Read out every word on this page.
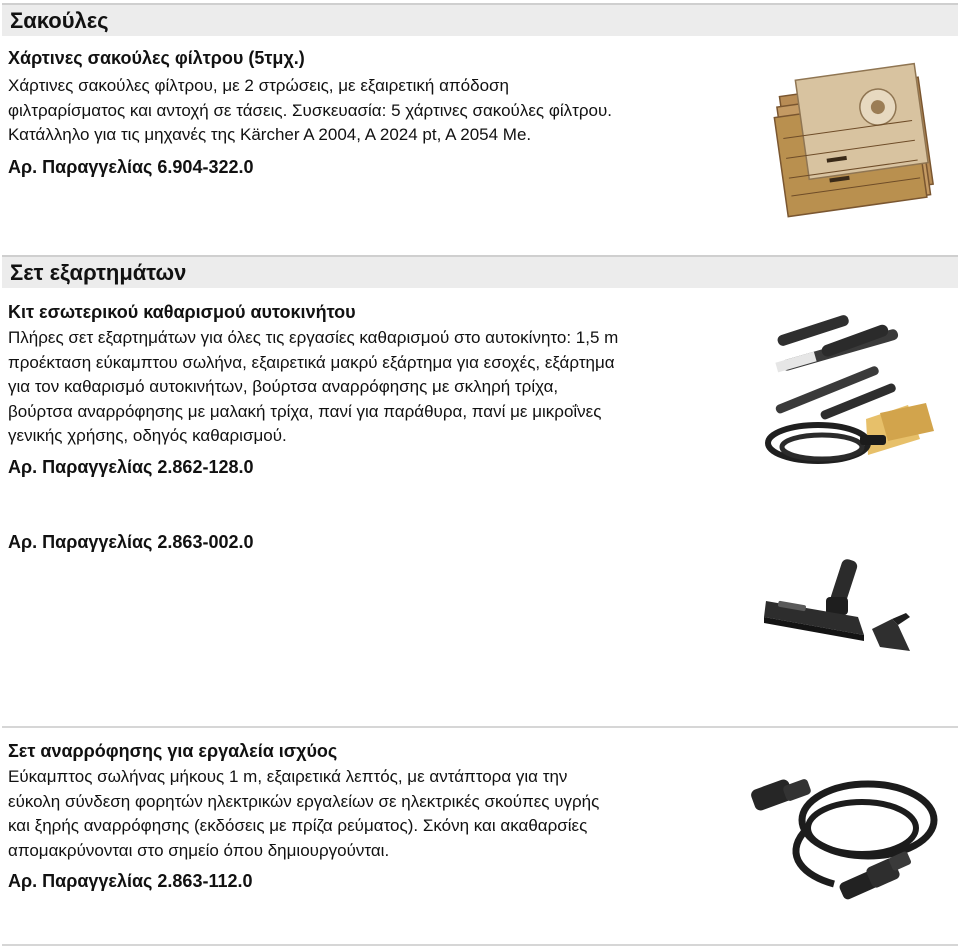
Σακούλες
Χάρτινες σακούλες φίλτρου (5τμχ.)
Χάρτινες σακούλες φίλτρου, με 2 στρώσεις, με εξαιρετική απόδοση
φιλτραρίσματος και αντοχή σε τάσεις. Συσκευασία: 5 χάρτινες σακούλες φίλτρου.
Κατάλληλο για τις μηχανές της Kärcher A 2004, A 2024 pt, A 2054 Me.
Αρ. Παραγγελίας 6.904-322.0
Σετ εξαρτημάτων
Κιτ εσωτερικού καθαρισμού αυτοκινήτου
Πλήρες σετ εξαρτημάτων για όλες τις εργασίες καθαρισμού στο αυτοκίνητο: 1,5 m
προέκταση εύκαμπτου σωλήνα, εξαιρετικά μακρύ εξάρτημα για εσοχές, εξάρτημα
για τον καθαρισμό αυτοκινήτων, βούρτσα αναρρόφησης με σκληρή τρίχα,
βούρτσα αναρρόφησης με μαλακή τρίχα, πανί για παράθυρα, πανί με μικροΐνες
γενικής χρήσης, οδηγός καθαρισμού.
Αρ. Παραγγελίας 2.862-128.0
Αρ. Παραγγελίας 2.863-002.0
Σετ αναρρόφησης για εργαλεία ισχύος
Εύκαμπτος σωλήνας μήκους 1 m, εξαιρετικά λεπτός, με αντάπτορα για την
εύκολη σύνδεση φορητών ηλεκτρικών εργαλείων σε ηλεκτρικές σκούπες υγρής
και ξηρής αναρρόφησης (εκδόσεις με πρίζα ρεύματος). Σκόνη και ακαθαρσίες
απομακρύνονται στο σημείο όπου δημιουργούνται.
Αρ. Παραγγελίας 2.863-112.0
